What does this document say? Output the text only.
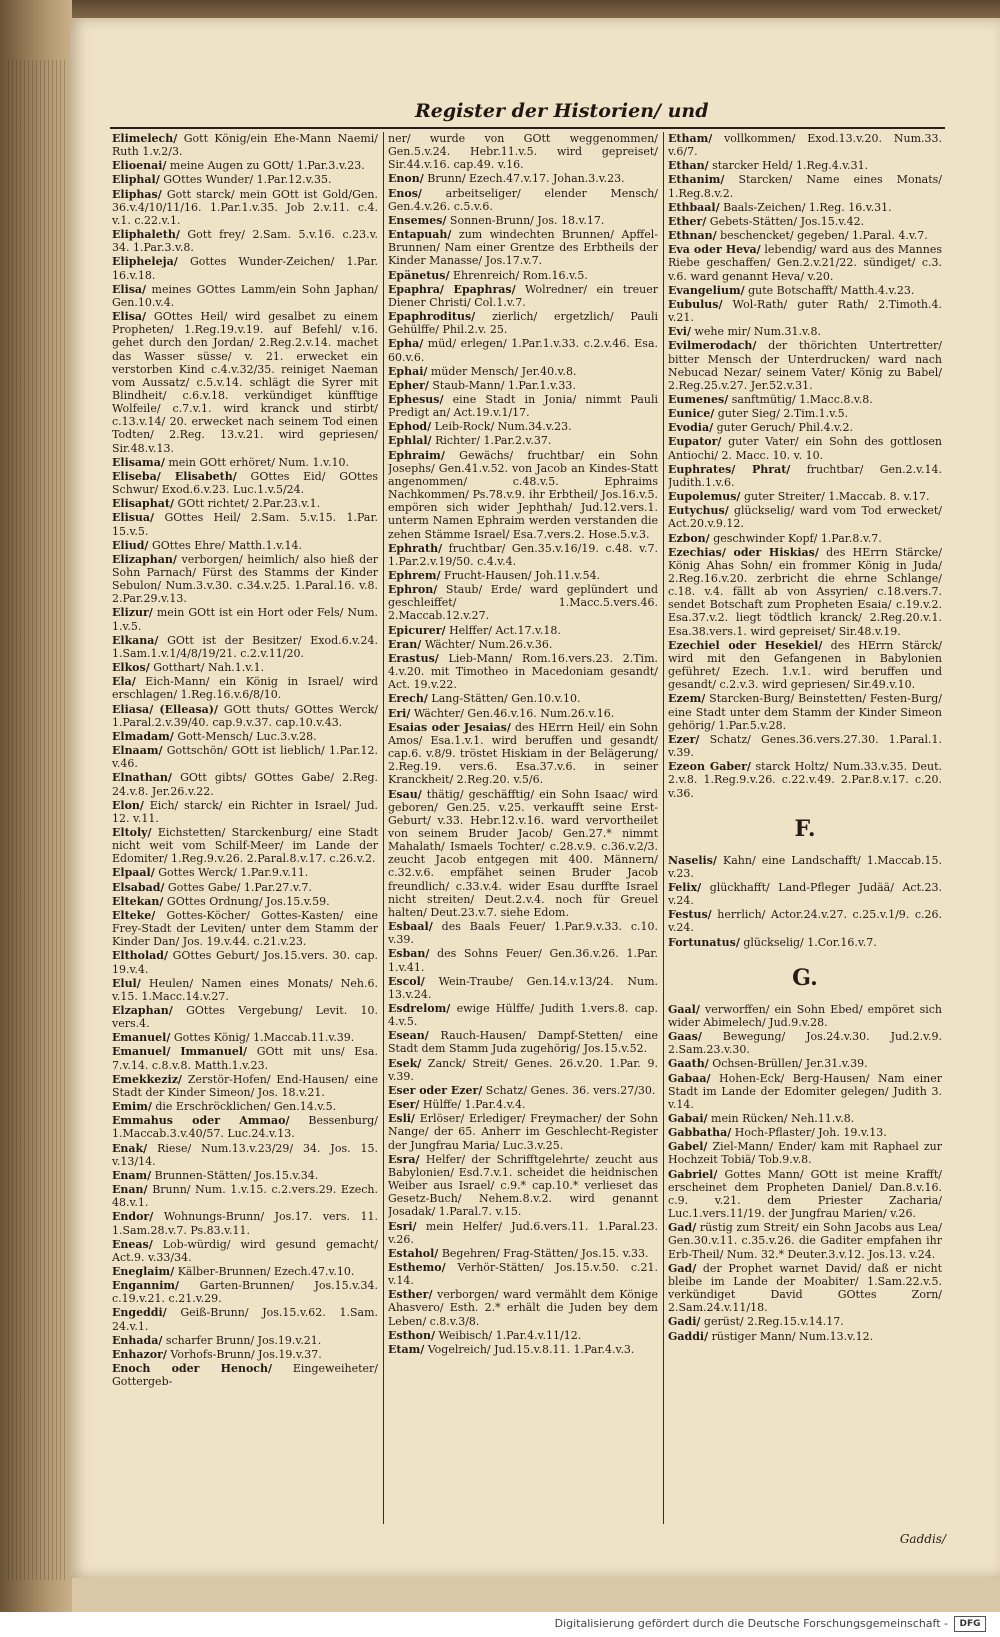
Register der Historien/ und
Elimelech/ Gott König/ein Ehe-Mann Naemi/ Ruth 1.v.2/3.
Elioenai/ meine Augen zu GOtt/ 1.Par.3.v.23.
Eliphal/ GOttes Wunder/ 1.Par.12.v.35.
Eliphas/ Gott starck/ mein GOtt ist Gold/Gen. 36.v.4/10/11/16. 1.Par.1.v.35. Job 2.v.11. c.4. v.1. c.22.v.1.
Eliphaleth/ Gott frey/ 2.Sam. 5.v.16. c.23.v. 34. 1.Par.3.v.8.
Elipheleja/ Gottes Wunder-Zeichen/ 1.Par. 16.v.18.
Elisa/ meines GOttes Lamm/ein Sohn Japhan/ Gen.10.v.4.
Elisa/ GOttes Heil/ wird gesalbet zu einem Propheten/ 1.Reg.19.v.19. auf Befehl/ v.16. gehet durch den Jordan/ 2.Reg.2.v.14. machet das Wasser süsse/ v. 21. erwecket ein verstorben Kind c.4.v.32/35. reiniget Naeman vom Aussatz/ c.5.v.14. schlägt die Syrer mit Blindheit/ c.6.v.18. verkündiget künfftige Wolfeile/ c.7.v.1. wird kranck und stirbt/ c.13.v.14/ 20. erwecket nach seinem Tod einen Todten/ 2.Reg. 13.v.21. wird gepriesen/ Sir.48.v.13.
Elisama/ mein GOtt erhöret/ Num. 1.v.10.
Eliseba/ Elisabeth/ GOttes Eid/ GOttes Schwur/ Exod.6.v.23. Luc.1.v.5/24.
Elisaphat/ GOtt richtet/ 2.Par.23.v.1.
Elisua/ GOttes Heil/ 2.Sam. 5.v.15. 1.Par. 15.v.5.
Eliud/ GOttes Ehre/ Matth.1.v.14.
Elizaphan/ verborgen/ heimlich/ also hieß der Sohn Parnach/ Fürst des Stamms der Kinder Sebulon/ Num.3.v.30. c.34.v.25. 1.Paral.16. v.8. 2.Par.29.v.13.
Elizur/ mein GOtt ist ein Hort oder Fels/ Num. 1.v.5.
Elkana/ GOtt ist der Besitzer/ Exod.6.v.24. 1.Sam.1.v.1/4/8/19/21. c.2.v.11/20.
Elkos/ Gotthart/ Nah.1.v.1.
Ela/ Eich-Mann/ ein König in Israel/ wird erschlagen/ 1.Reg.16.v.6/8/10.
Eliasa/ (Elleasa)/ GOtt thuts/ GOttes Werck/ 1.Paral.2.v.39/40. cap.9.v.37. cap.10.v.43.
Elmadam/ Gott-Mensch/ Luc.3.v.28.
Elnaam/ Gottschön/ GOtt ist lieblich/ 1.Par.12. v.46.
Elnathan/ GOtt gibts/ GOttes Gabe/ 2.Reg. 24.v.8. Jer.26.v.22.
Elon/ Eich/ starck/ ein Richter in Israel/ Jud. 12. v.11.
Eltoly/ Eichstetten/ Starckenburg/ eine Stadt nicht weit vom Schilf-Meer/ im Lande der Edomiter/ 1.Reg.9.v.26. 2.Paral.8.v.17. c.26.v.2.
Elpaal/ Gottes Werck/ 1.Par.9.v.11.
Elsabad/ Gottes Gabe/ 1.Par.27.v.7.
Eltekan/ GOttes Ordnung/ Jos.15.v.59.
Elteke/ Gottes-Köcher/ Gottes-Kasten/ eine Frey-Stadt der Leviten/ unter dem Stamm der Kinder Dan/ Jos. 19.v.44. c.21.v.23.
Eltholad/ GOttes Geburt/ Jos.15.vers. 30. cap. 19.v.4.
Elul/ Heulen/ Namen eines Monats/ Neh.6. v.15. 1.Macc.14.v.27.
Elzaphan/ GOttes Vergebung/ Levit. 10. vers.4.
Emanuel/ Gottes König/ 1.Maccab.11.v.39.
Emanuel/ Immanuel/ GOtt mit uns/ Esa. 7.v.14. c.8.v.8. Matth.1.v.23.
Emekkeziz/ Zerstör-Hofen/ End-Hausen/ eine Stadt der Kinder Simeon/ Jos. 18.v.21.
Emim/ die Erschröcklichen/ Gen.14.v.5.
Emmahus oder Ammao/ Bessenburg/ 1.Maccab.3.v.40/57. Luc.24.v.13.
Enak/ Riese/ Num.13.v.23/29/ 34. Jos. 15. v.13/14.
Enam/ Brunnen-Stätten/ Jos.15.v.34.
Enan/ Brunn/ Num. 1.v.15. c.2.vers.29. Ezech. 48.v.1.
Endor/ Wohnungs-Brunn/ Jos.17. vers. 11. 1.Sam.28.v.7. Ps.83.v.11.
Eneas/ Lob-würdig/ wird gesund gemacht/ Act.9. v.33/34.
Eneglaim/ Kälber-Brunnen/ Ezech.47.v.10.
Engannim/ Garten-Brunnen/ Jos.15.v.34. c.19.v.21. c.21.v.29.
Engeddi/ Geiß-Brunn/ Jos.15.v.62. 1.Sam. 24.v.1.
Enhada/ scharfer Brunn/ Jos.19.v.21.
Enhazor/ Vorhofs-Brunn/ Jos.19.v.37.
Enoch oder Henoch/ Eingeweiheter/ Gottergeb-
ner/ wurde von GOtt weggenommen/ Gen.5.v.24. Hebr.11.v.5. wird gepreiset/ Sir.44.v.16. cap.49. v.16.
Enon/ Brunn/ Ezech.47.v.17. Johan.3.v.23.
Enos/ arbeitseliger/ elender Mensch/ Gen.4.v.26. c.5.v.6.
Ensemes/ Sonnen-Brunn/ Jos. 18.v.17.
Entapuah/ zum windechten Brunnen/ Apffel-Brunnen/ Nam einer Grentze des Erbtheils der Kinder Manasse/ Jos.17.v.7.
Epänetus/ Ehrenreich/ Rom.16.v.5.
Epaphra/ Epaphras/ Wolredner/ ein treuer Diener Christi/ Col.1.v.7.
Epaphroditus/ zierlich/ ergetzlich/ Pauli Gehülffe/ Phil.2.v. 25.
Epha/ müd/ erlegen/ 1.Par.1.v.33. c.2.v.46. Esa. 60.v.6.
Ephai/ müder Mensch/ Jer.40.v.8.
Epher/ Staub-Mann/ 1.Par.1.v.33.
Ephesus/ eine Stadt in Jonia/ nimmt Pauli Predigt an/ Act.19.v.1/17.
Ephod/ Leib-Rock/ Num.34.v.23.
Ephlal/ Richter/ 1.Par.2.v.37.
Ephraim/ Gewächs/ fruchtbar/ ein Sohn Josephs/ Gen.41.v.52. von Jacob an Kindes-Statt angenommen/ c.48.v.5. Ephraims Nachkommen/ Ps.78.v.9. ihr Erbtheil/ Jos.16.v.5. empören sich wider Jephthah/ Jud.12.vers.1. unterm Namen Ephraim werden verstanden die zehen Stämme Israel/ Esa.7.vers.2. Hose.5.v.3.
Ephrath/ fruchtbar/ Gen.35.v.16/19. c.48. v.7. 1.Par.2.v.19/50. c.4.v.4.
Ephrem/ Frucht-Hausen/ Joh.11.v.54.
Ephron/ Staub/ Erde/ ward geplündert und geschleiffet/ 1.Macc.5.vers.46. 2.Maccab.12.v.27.
Epicurer/ Helffer/ Act.17.v.18.
Eran/ Wächter/ Num.26.v.36.
Erastus/ Lieb-Mann/ Rom.16.vers.23. 2.Tim. 4.v.20. mit Timotheo in Macedoniam gesandt/ Act. 19.v.22.
Erech/ Lang-Stätten/ Gen.10.v.10.
Eri/ Wächter/ Gen.46.v.16. Num.26.v.16.
Esaias oder Jesaias/ des HErrn Heil/ ein Sohn Amos/ Esa.1.v.1. wird beruffen und gesandt/ cap.6. v.8/9. tröstet Hiskiam in der Belägerung/ 2.Reg.19. vers.6. Esa.37.v.6. in seiner Kranckheit/ 2.Reg.20. v.5/6.
Esau/ thätig/ geschäfftig/ ein Sohn Isaac/ wird geboren/ Gen.25. v.25. verkaufft seine Erst-Geburt/ v.33. Hebr.12.v.16. ward vervortheilet von seinem Bruder Jacob/ Gen.27.* nimmt Mahalath/ Ismaels Tochter/ c.28.v.9. c.36.v.2/3. zeucht Jacob entgegen mit 400. Männern/ c.32.v.6. empfähet seinen Bruder Jacob freundlich/ c.33.v.4. wider Esau durffte Israel nicht streiten/ Deut.2.v.4. noch für Greuel halten/ Deut.23.v.7. siehe Edom.
Esbaal/ des Baals Feuer/ 1.Par.9.v.33. c.10. v.39.
Esban/ des Sohns Feuer/ Gen.36.v.26. 1.Par. 1.v.41.
Escol/ Wein-Traube/ Gen.14.v.13/24. Num. 13.v.24.
Esdrelom/ ewige Hülffe/ Judith 1.vers.8. cap. 4.v.5.
Esean/ Rauch-Hausen/ Dampf-Stetten/ eine Stadt dem Stamm Juda zugehörig/ Jos.15.v.52.
Esek/ Zanck/ Streit/ Genes. 26.v.20. 1.Par. 9. v.39.
Eser oder Ezer/ Schatz/ Genes. 36. vers.27/30.
Eser/ Hülffe/ 1.Par.4.v.4.
Esli/ Erlöser/ Erlediger/ Freymacher/ der Sohn Nange/ der 65. Anherr im Geschlecht-Register der Jungfrau Maria/ Luc.3.v.25.
Esra/ Helfer/ der Schrifftgelehrte/ zeucht aus Babylonien/ Esd.7.v.1. scheidet die heidnischen Weiber aus Israel/ c.9.* cap.10.* verlieset das Gesetz-Buch/ Nehem.8.v.2. wird genannt Josadak/ 1.Paral.7. v.15.
Esri/ mein Helfer/ Jud.6.vers.11. 1.Paral.23. v.26.
Estahol/ Begehren/ Frag-Stätten/ Jos.15. v.33.
Esthemo/ Verhör-Stätten/ Jos.15.v.50. c.21. v.14.
Esther/ verborgen/ ward vermählt dem Könige Ahasvero/ Esth. 2.* erhält die Juden bey dem Leben/ c.8.v.3/8.
Esthon/ Weibisch/ 1.Par.4.v.11/12.
Etam/ Vogelreich/ Jud.15.v.8.11. 1.Par.4.v.3.
Etham/ vollkommen/ Exod.13.v.20. Num.33. v.6/7.
Ethan/ starcker Held/ 1.Reg.4.v.31.
Ethanim/ Starcken/ Name eines Monats/ 1.Reg.8.v.2.
Ethbaal/ Baals-Zeichen/ 1.Reg. 16.v.31.
Ether/ Gebets-Stätten/ Jos.15.v.42.
Ethnan/ beschencket/ gegeben/ 1.Paral. 4.v.7.
Eva oder Heva/ lebendig/ ward aus des Mannes Riebe geschaffen/ Gen.2.v.21/22. sündiget/ c.3. v.6. ward genannt Heva/ v.20.
Evangelium/ gute Botschafft/ Matth.4.v.23.
Eubulus/ Wol-Rath/ guter Rath/ 2.Timoth.4. v.21.
Evi/ wehe mir/ Num.31.v.8.
Evilmerodach/ der thörichten Untertretter/ bitter Mensch der Unterdrucken/ ward nach Nebucad Nezar/ seinem Vater/ König zu Babel/ 2.Reg.25.v.27. Jer.52.v.31.
Eumenes/ sanftmütig/ 1.Macc.8.v.8.
Eunice/ guter Sieg/ 2.Tim.1.v.5.
Evodia/ guter Geruch/ Phil.4.v.2.
Eupator/ guter Vater/ ein Sohn des gottlosen Antiochi/ 2. Macc. 10. v. 10.
Euphrates/ Phrat/ fruchtbar/ Gen.2.v.14. Judith.1.v.6.
Eupolemus/ guter Streiter/ 1.Maccab. 8. v.17.
Eutychus/ glückselig/ ward vom Tod erwecket/ Act.20.v.9.12.
Ezbon/ geschwinder Kopf/ 1.Par.8.v.7.
Ezechias/ oder Hiskias/ des HErrn Stärcke/ König Ahas Sohn/ ein frommer König in Juda/ 2.Reg.16.v.20. zerbricht die ehrne Schlange/ c.18. v.4. fällt ab von Assyrien/ c.18.vers.7. sendet Botschaft zum Propheten Esaia/ c.19.v.2. Esa.37.v.2. liegt tödtlich kranck/ 2.Reg.20.v.1. Esa.38.vers.1. wird gepreiset/ Sir.48.v.19.
Ezechiel oder Hesekiel/ des HErrn Stärck/ wird mit den Gefangenen in Babylonien geführet/ Ezech. 1.v.1. wird beruffen und gesandt/ c.2.v.3. wird gepriesen/ Sir.49.v.10.
Ezem/ Starcken-Burg/ Beinstetten/ Festen-Burg/ eine Stadt unter dem Stamm der Kinder Simeon gehörig/ 1.Par.5.v.28.
Ezer/ Schatz/ Genes.36.vers.27.30. 1.Paral.1. v.39.
Ezeon Gaber/ starck Holtz/ Num.33.v.35. Deut. 2.v.8. 1.Reg.9.v.26. c.22.v.49. 2.Par.8.v.17. c.20. v.36.
F.
Naselis/ Kahn/ eine Landschafft/ 1.Maccab.15. v.23.
Felix/ glückhafft/ Land-Pfleger Judää/ Act.23. v.24.
Festus/ herrlich/ Actor.24.v.27. c.25.v.1/9. c.26. v.24.
Fortunatus/ glückselig/ 1.Cor.16.v.7.
G.
Gaal/ verworffen/ ein Sohn Ebed/ empöret sich wider Abimelech/ Jud.9.v.28.
Gaas/ Bewegung/ Jos.24.v.30. Jud.2.v.9. 2.Sam.23.v.30.
Gaath/ Ochsen-Brüllen/ Jer.31.v.39.
Gabaa/ Hohen-Eck/ Berg-Hausen/ Nam einer Stadt im Lande der Edomiter gelegen/ Judith 3. v.14.
Gabai/ mein Rücken/ Neh.11.v.8.
Gabbatha/ Hoch-Pflaster/ Joh. 19.v.13.
Gabel/ Ziel-Mann/ Ender/ kam mit Raphael zur Hochzeit Tobiä/ Tob.9.v.8.
Gabriel/ Gottes Mann/ GOtt ist meine Krafft/ erscheinet dem Propheten Daniel/ Dan.8.v.16. c.9. v.21. dem Priester Zacharia/ Luc.1.vers.11/19. der Jungfrau Marien/ v.26.
Gad/ rüstig zum Streit/ ein Sohn Jacobs aus Lea/ Gen.30.v.11. c.35.v.26. die Gaditer empfahen ihr Erb-Theil/ Num. 32.* Deuter.3.v.12. Jos.13. v.24.
Gad/ der Prophet warnet David/ daß er nicht bleibe im Lande der Moabiter/ 1.Sam.22.v.5. verkündiget David GOttes Zorn/ 2.Sam.24.v.11/18.
Gadi/ gerüst/ 2.Reg.15.v.14.17.
Gaddi/ rüstiger Mann/ Num.13.v.12.
Gaddis/
Digitalisierung gefördert durch die Deutsche Forschungsgemeinschaft -	DFG
